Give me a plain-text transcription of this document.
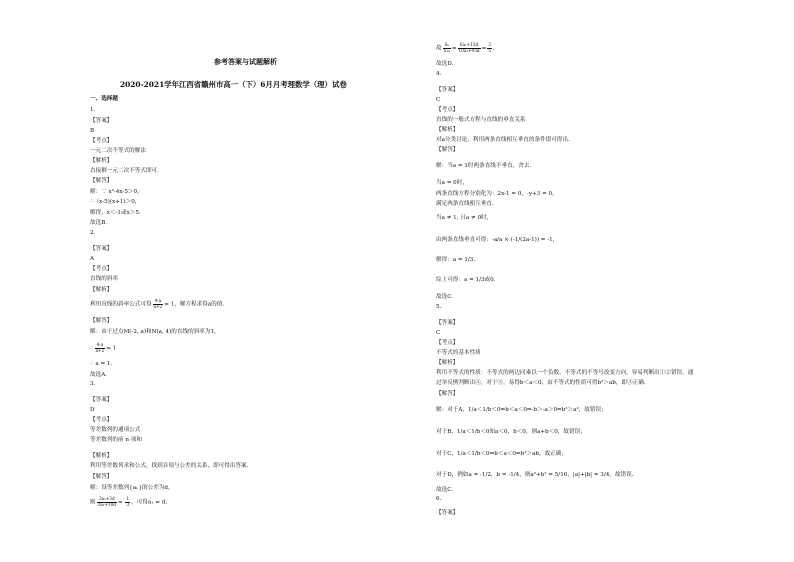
参考答案与试题解析
2020-2021学年江西省赣州市高一（下）6月月考理数学（理）试卷
一、选择题
1.
【答案】
B
【考点】
一元二次不等式的解法
【解析】
直接解一元二次不等式即可.
【解答】
解：∵ x²-4x-5＞0，
∴（x-5)(x+1)＞0，
解得，x＜-1或x＞5.
故选B.
2.
【答案】
A
【考点】
直线的斜率
【解析】
利用直线的斜率公式可得 $\frac{4-a}{a+2} = 1$，解方程求得a的值.
【解答】
解：由于过点M(-2, a)和N(a, 4)的直线的斜率为1，
∴ $\frac{4-a}{a+2} = 1$
∴ a = 1.
故选A.
3.
【答案】
D
【考点】
等差数列的通项公式
等差数列的前 n 项和
【解析】
利用等差数列求和公式，找到首项与公差的关系，即可得出答案.
【解答】
解：设等差数列{aₙ}的公差为d，
则 $\frac{\text{3a₁+3d}}{\text{3a₁+10d}} = \frac{1}{3}$ ，可得a₁ = d，
故 $\frac{\text{S₆}}{\text{S₁₀}} = \frac{\text{6a₁+15d}}{\text{10a₁+45d}} = \frac{3}{5}$ ，
故选D.
4.
【答案】
C
【考点】
直线的一般式方程与直线的垂直关系
【解析】
对a分类讨论，利用两条直线相互垂直的条件即可得出.
【解答】
解：当a = 1时两条直线不垂直，舍去.
当a = 0时，
两条直线方程分别化为：2x-1 = 0，-y+3 = 0，
满足两条直线相互垂直.
当a ≠ 1, 且a ≠ 0时，
由两条直线垂直可得：-a/a × (-1/(2a-1)) = -1，
解得：a = 1/3.
综上可得：a = 1/3或0.
故选C.
5.
【答案】
C
【考点】
不等式的基本性质
【解析】
利用不等式的性质：不等式的两边同乘以一个负数，不等式的不等号改变方向，容易判断出①②错误，通
过举反例判断出④，对于③，易得b＜a＜0，由不等式的性质可得b²＞ab，即③正确.
【解答】
解：对于A，1/a＜1/b＜0⇒b＜a＜0⇒-b＞-a＞0⇒b²＞a²，故错误；
对于B，1/a＜1/b＜0知a＜0，b＜0，则a+b＜0，故错误；
对于C，1/a＜1/b＜0⇒b＜a＜0⇒b²＞ab，故正确；
对于D，例如a = -1/2，b = -1/4，则a²+b² = 5/16，|a|+|b| = 3/4，故错误.
故选C.
6.
【答案】
